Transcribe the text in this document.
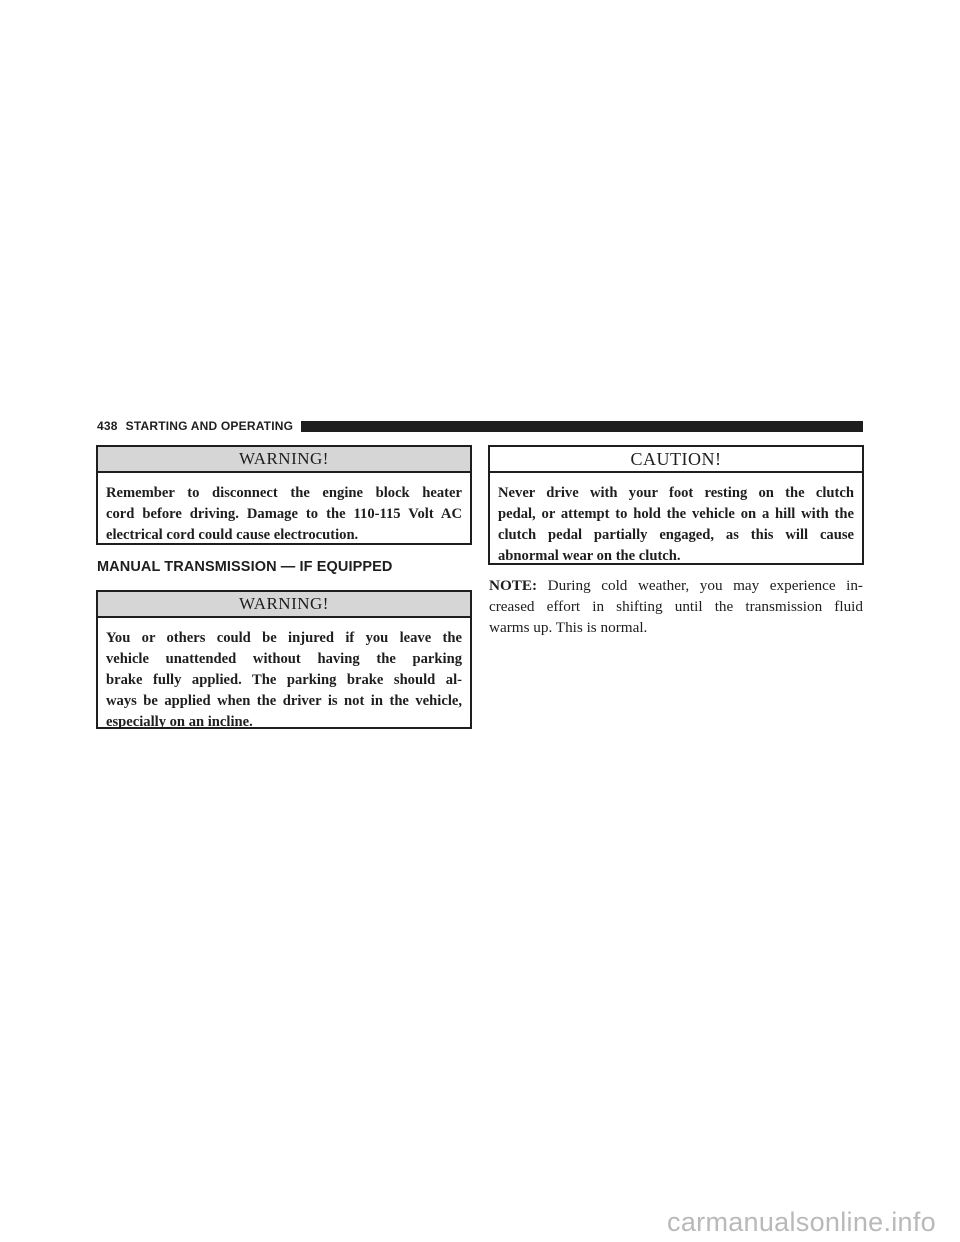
438 STARTING AND OPERATING
WARNING!
Remember to disconnect the engine block heater
cord before driving. Damage to the 110-115 Volt AC
electrical cord could cause electrocution.
MANUAL TRANSMISSION — IF EQUIPPED
WARNING!
You or others could be injured if you leave the
vehicle unattended without having the parking
brake fully applied. The parking brake should al-
ways be applied when the driver is not in the vehicle,
especially on an incline.
CAUTION!
Never drive with your foot resting on the clutch
pedal, or attempt to hold the vehicle on a hill with the
clutch pedal partially engaged, as this will cause
abnormal wear on the clutch.
NOTE: During cold weather, you may experience in-
creased effort in shifting until the transmission fluid
warms up. This is normal.
carmanualsonline.info
